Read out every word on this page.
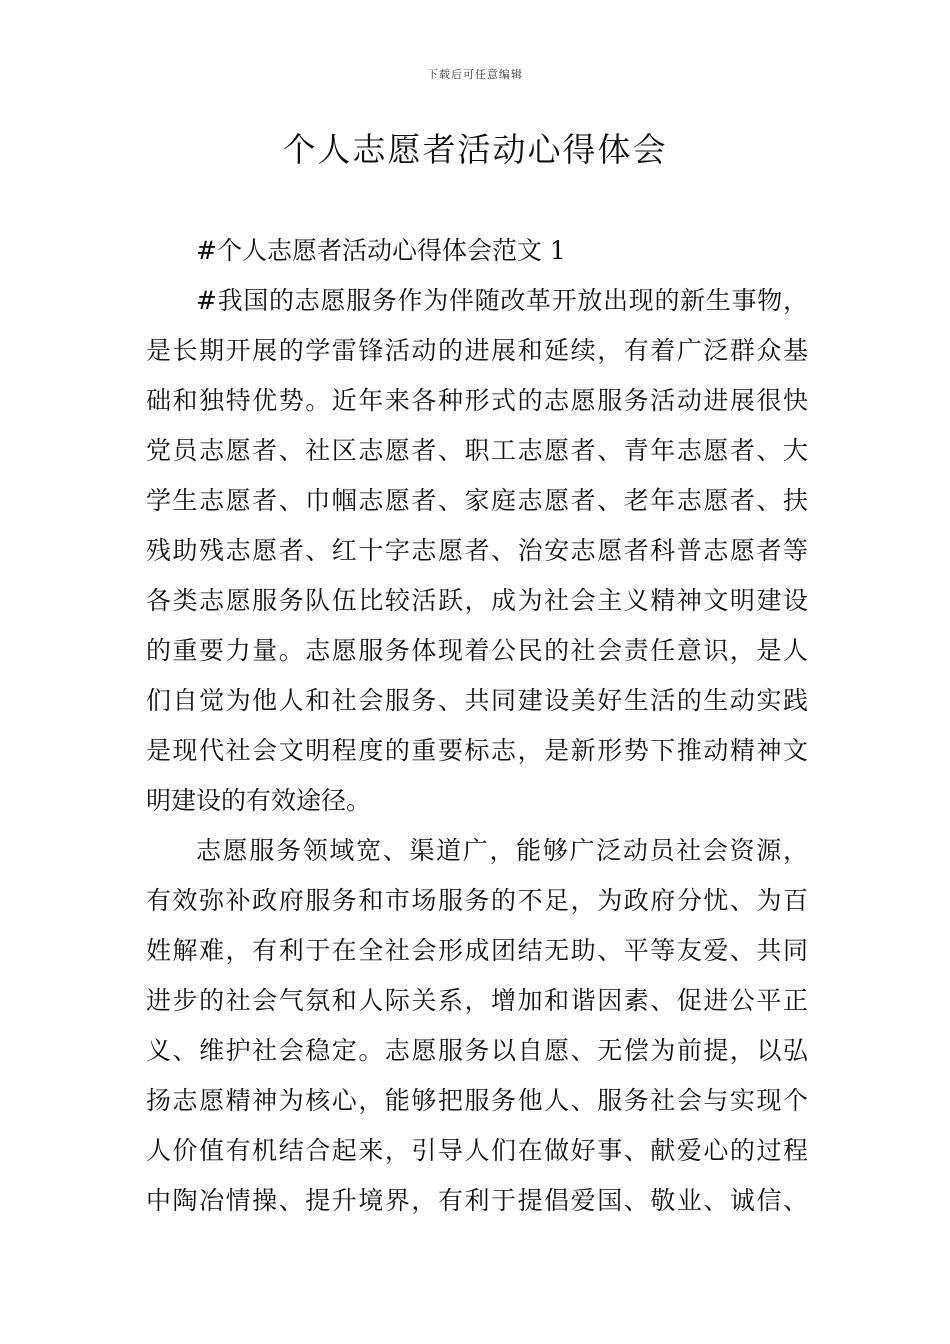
下载后可任意编辑
个人志愿者活动心得体会
#个人志愿者活动心得体会范文 1
#我国的志愿服务作为伴随改革开放出现的新生事物，
是长期开展的学雷锋活动的进展和延续，有着广泛群众基
础和独特优势。近年来各种形式的志愿服务活动进展很快
党员志愿者、社区志愿者、职工志愿者、青年志愿者、大
学生志愿者、巾帼志愿者、家庭志愿者、老年志愿者、扶
残助残志愿者、红十字志愿者、治安志愿者科普志愿者等
各类志愿服务队伍比较活跃，成为社会主义精神文明建设
的重要力量。志愿服务体现着公民的社会责任意识，是人
们自觉为他人和社会服务、共同建设美好生活的生动实践
是现代社会文明程度的重要标志，是新形势下推动精神文
明建设的有效途径。
志愿服务领域宽、渠道广，能够广泛动员社会资源，
有效弥补政府服务和市场服务的不足，为政府分忧、为百
姓解难，有利于在全社会形成团结无助、平等友爱、共同
进步的社会气氛和人际关系，增加和谐因素、促进公平正
义、维护社会稳定。志愿服务以自愿、无偿为前提，以弘
扬志愿精神为核心，能够把服务他人、服务社会与实现个
人价值有机结合起来，引导人们在做好事、献爱心的过程
中陶冶情操、提升境界，有利于提倡爱国、敬业、诚信、
